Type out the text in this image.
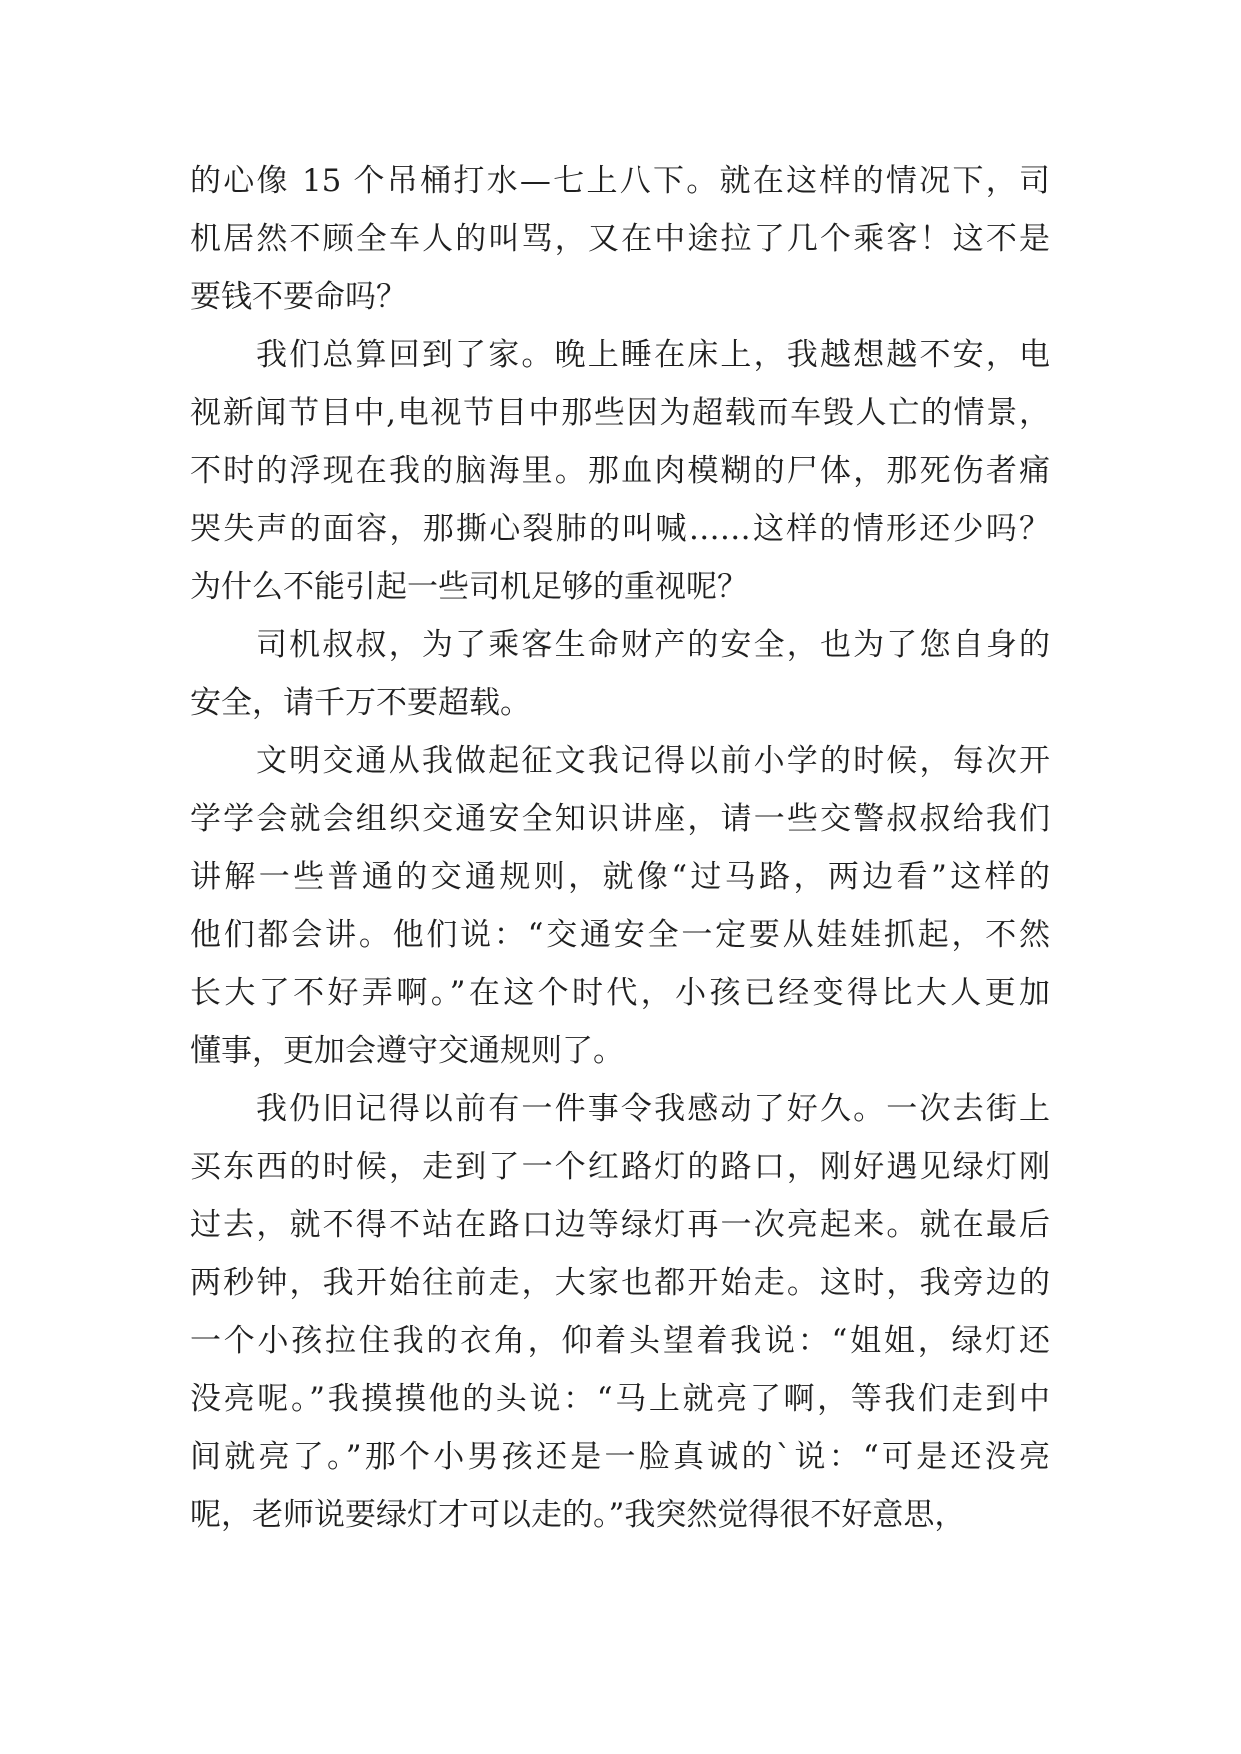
的心像 15 个吊桶打水—七上八下。就在这样的情况下，司
机居然不顾全车人的叫骂，又在中途拉了几个乘客！这不是
要钱不要命吗？
我们总算回到了家。晚上睡在床上，我越想越不安，电
视新闻节目中,电视节目中那些因为超载而车毁人亡的情景，
不时的浮现在我的脑海里。那血肉模糊的尸体，那死伤者痛
哭失声的面容，那撕心裂肺的叫喊……这样的情形还少吗？
为什么不能引起一些司机足够的重视呢？
司机叔叔，为了乘客生命财产的安全，也为了您自身的
安全，请千万不要超载。
文明交通从我做起征文我记得以前小学的时候，每次开
学学会就会组织交通安全知识讲座，请一些交警叔叔给我们
讲解一些普通的交通规则，就像“过马路，两边看”这样的
他们都会讲。他们说：“交通安全一定要从娃娃抓起，不然
长大了不好弄啊。”在这个时代，小孩已经变得比大人更加
懂事，更加会遵守交通规则了。
我仍旧记得以前有一件事令我感动了好久。一次去街上
买东西的时候，走到了一个红路灯的路口，刚好遇见绿灯刚
过去，就不得不站在路口边等绿灯再一次亮起来。就在最后
两秒钟，我开始往前走，大家也都开始走。这时，我旁边的
一个小孩拉住我的衣角，仰着头望着我说：“姐姐，绿灯还
没亮呢。”我摸摸他的头说：“马上就亮了啊，等我们走到中
间就亮了。”那个小男孩还是一脸真诚的`说：“可是还没亮
呢，老师说要绿灯才可以走的。”我突然觉得很不好意思，
